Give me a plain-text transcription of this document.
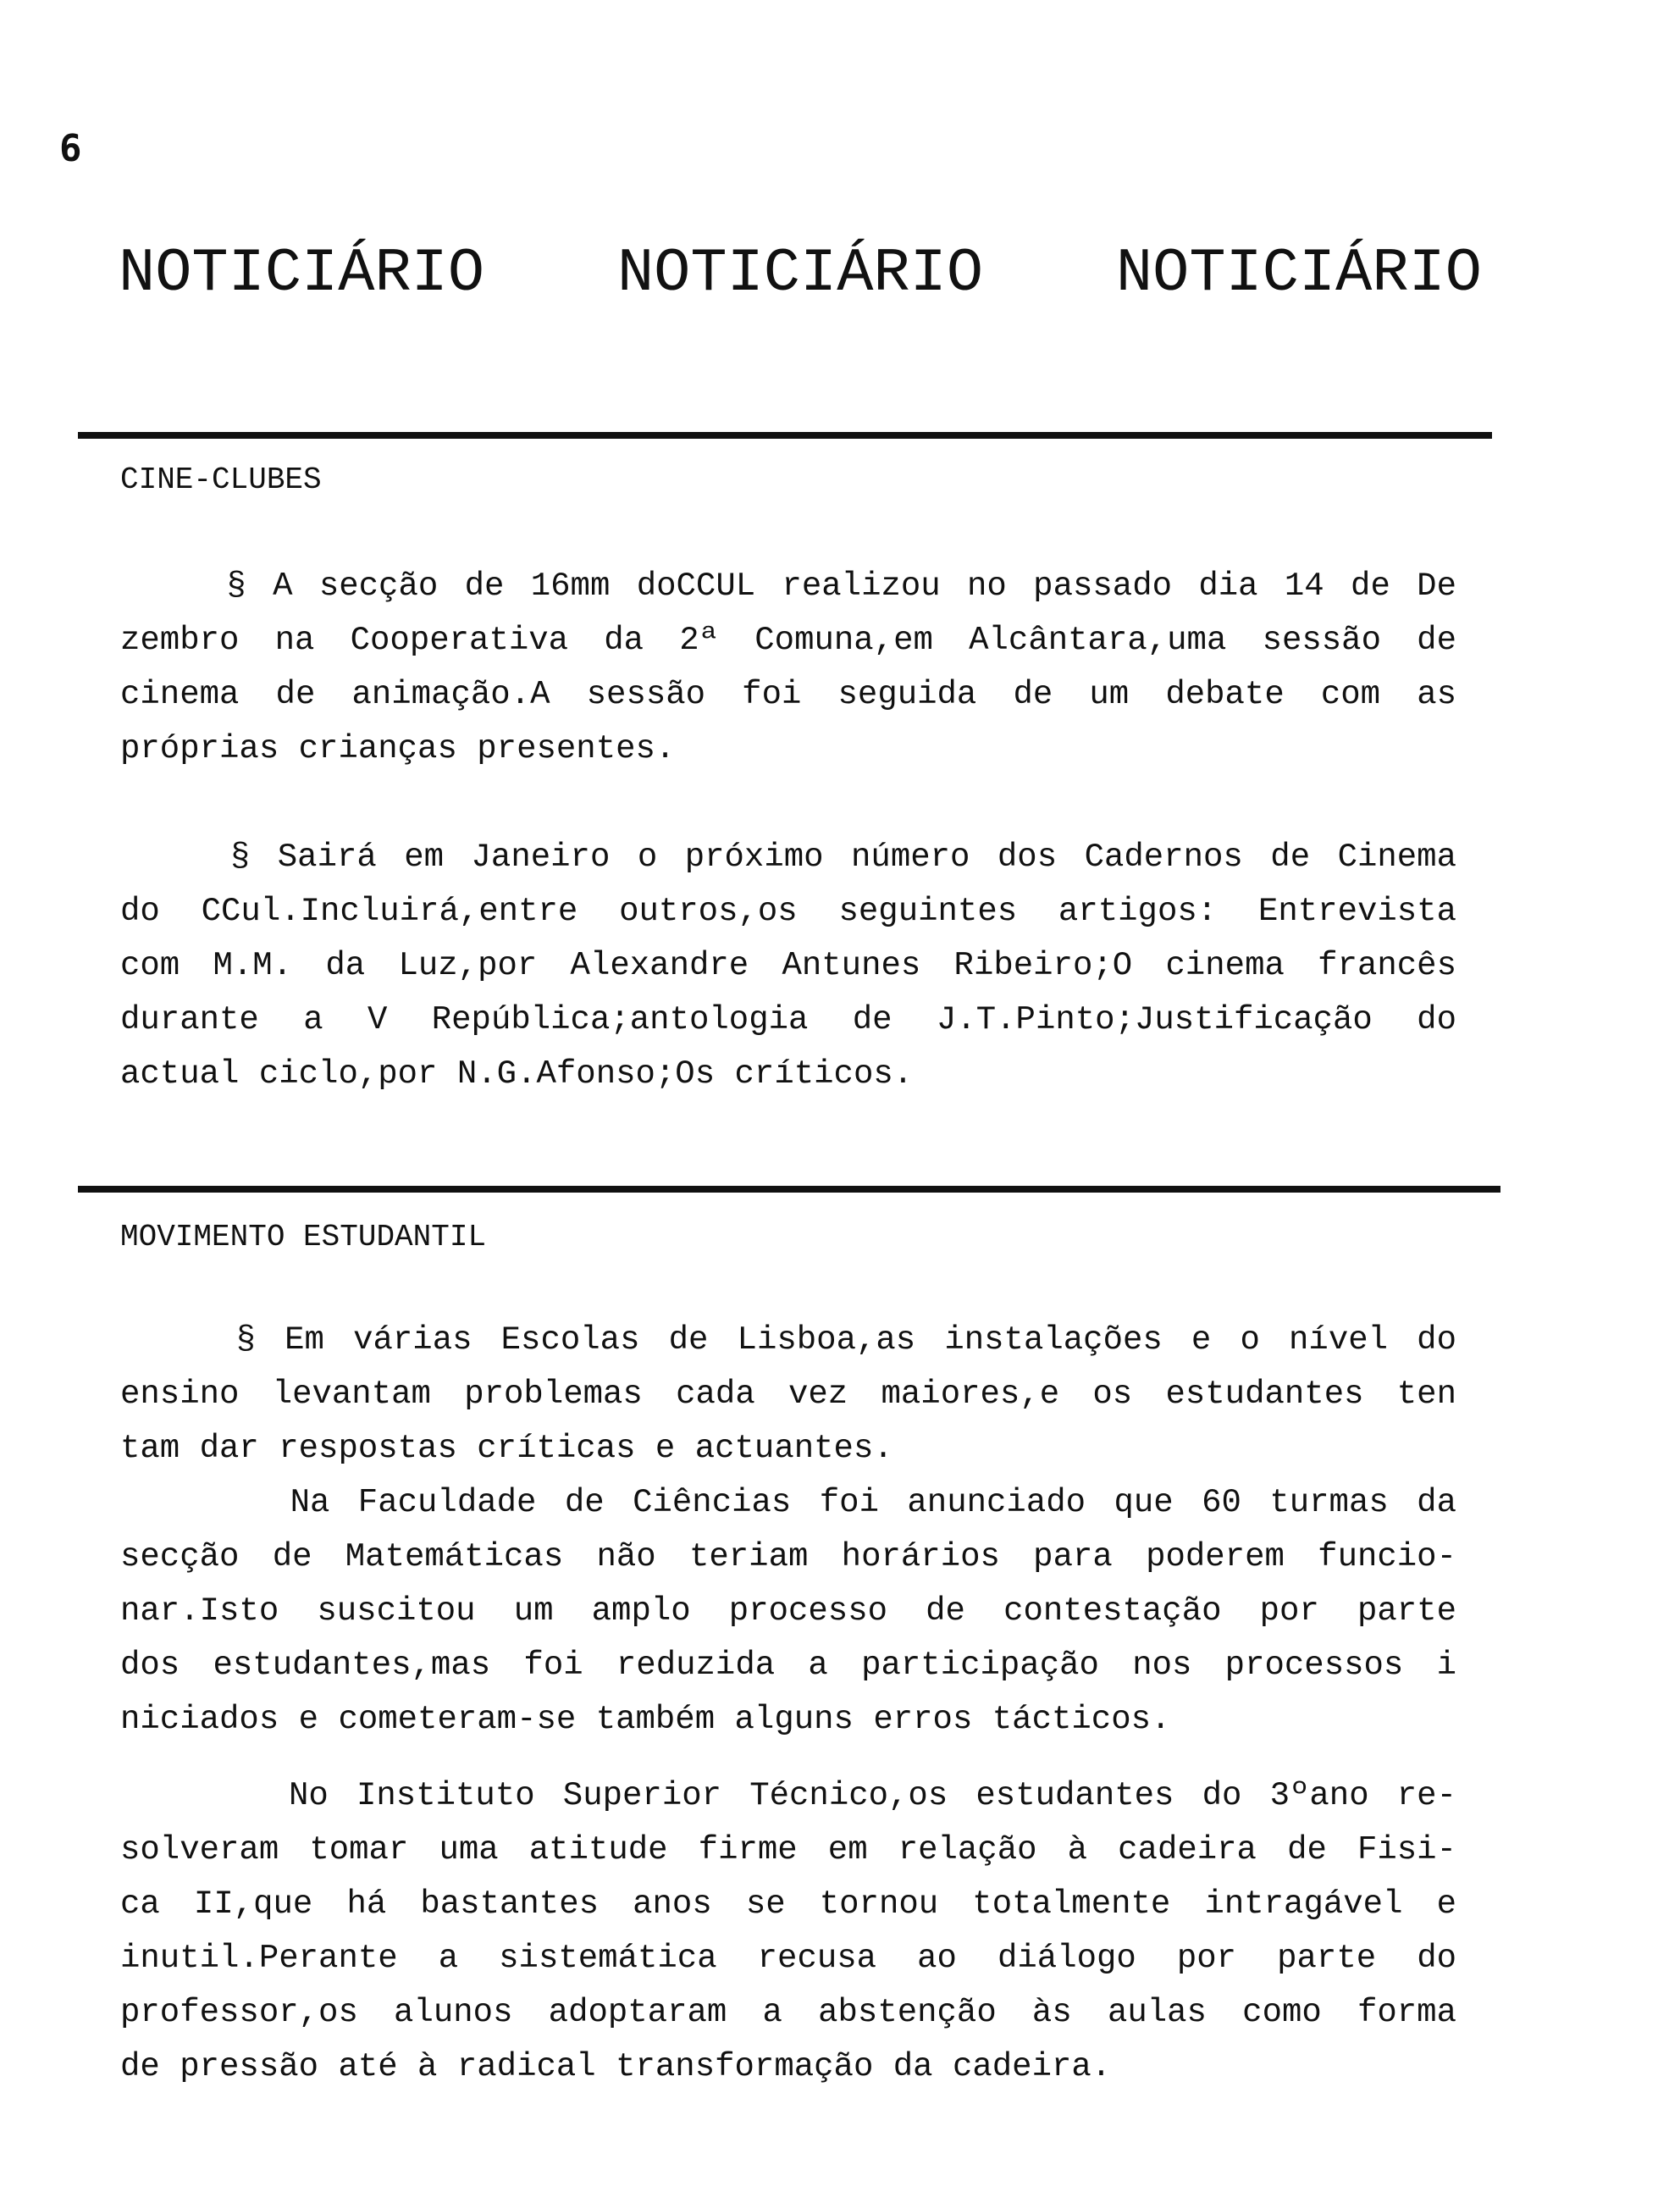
6
NOTICIÁRIO NOTICIÁRIO NOTICIÁRIO
CINE-CLUBES
§ A secção de 16mm doCCUL realizou no passado dia 14 de De
zembro na Cooperativa da 2ª Comuna,em Alcântara,uma sessão de
cinema de animação.A sessão foi seguida de um debate com as
próprias crianças presentes.
§ Sairá em Janeiro o próximo número dos Cadernos de Cinema
do CCul.Incluirá,entre outros,os seguintes artigos: Entrevista
com M.M. da Luz,por Alexandre Antunes Ribeiro;O cinema francês
durante a V República;antologia de J.T.Pinto;Justificação do
actual ciclo,por N.G.Afonso;Os críticos.
MOVIMENTO ESTUDANTIL
§ Em várias Escolas de Lisboa,as instalações e o nível do
ensino levantam problemas cada vez maiores,e os estudantes ten
tam dar respostas críticas e actuantes.
Na Faculdade de Ciências foi anunciado que 60 turmas da
secção de Matemáticas não teriam horários para poderem funcio-
nar.Isto suscitou um amplo processo de contestação por parte
dos estudantes,mas foi reduzida a participação nos processos i
niciados e cometeram-se também alguns erros tácticos.
No Instituto Superior Técnico,os estudantes do 3ºano re-
solveram tomar uma atitude firme em relação à cadeira de Fisi-
ca II,que há bastantes anos se tornou totalmente intragável e
inutil.Perante a sistemática recusa ao diálogo por parte do
professor,os alunos adoptaram a abstenção às aulas como forma
de pressão até à radical transformação da cadeira.
